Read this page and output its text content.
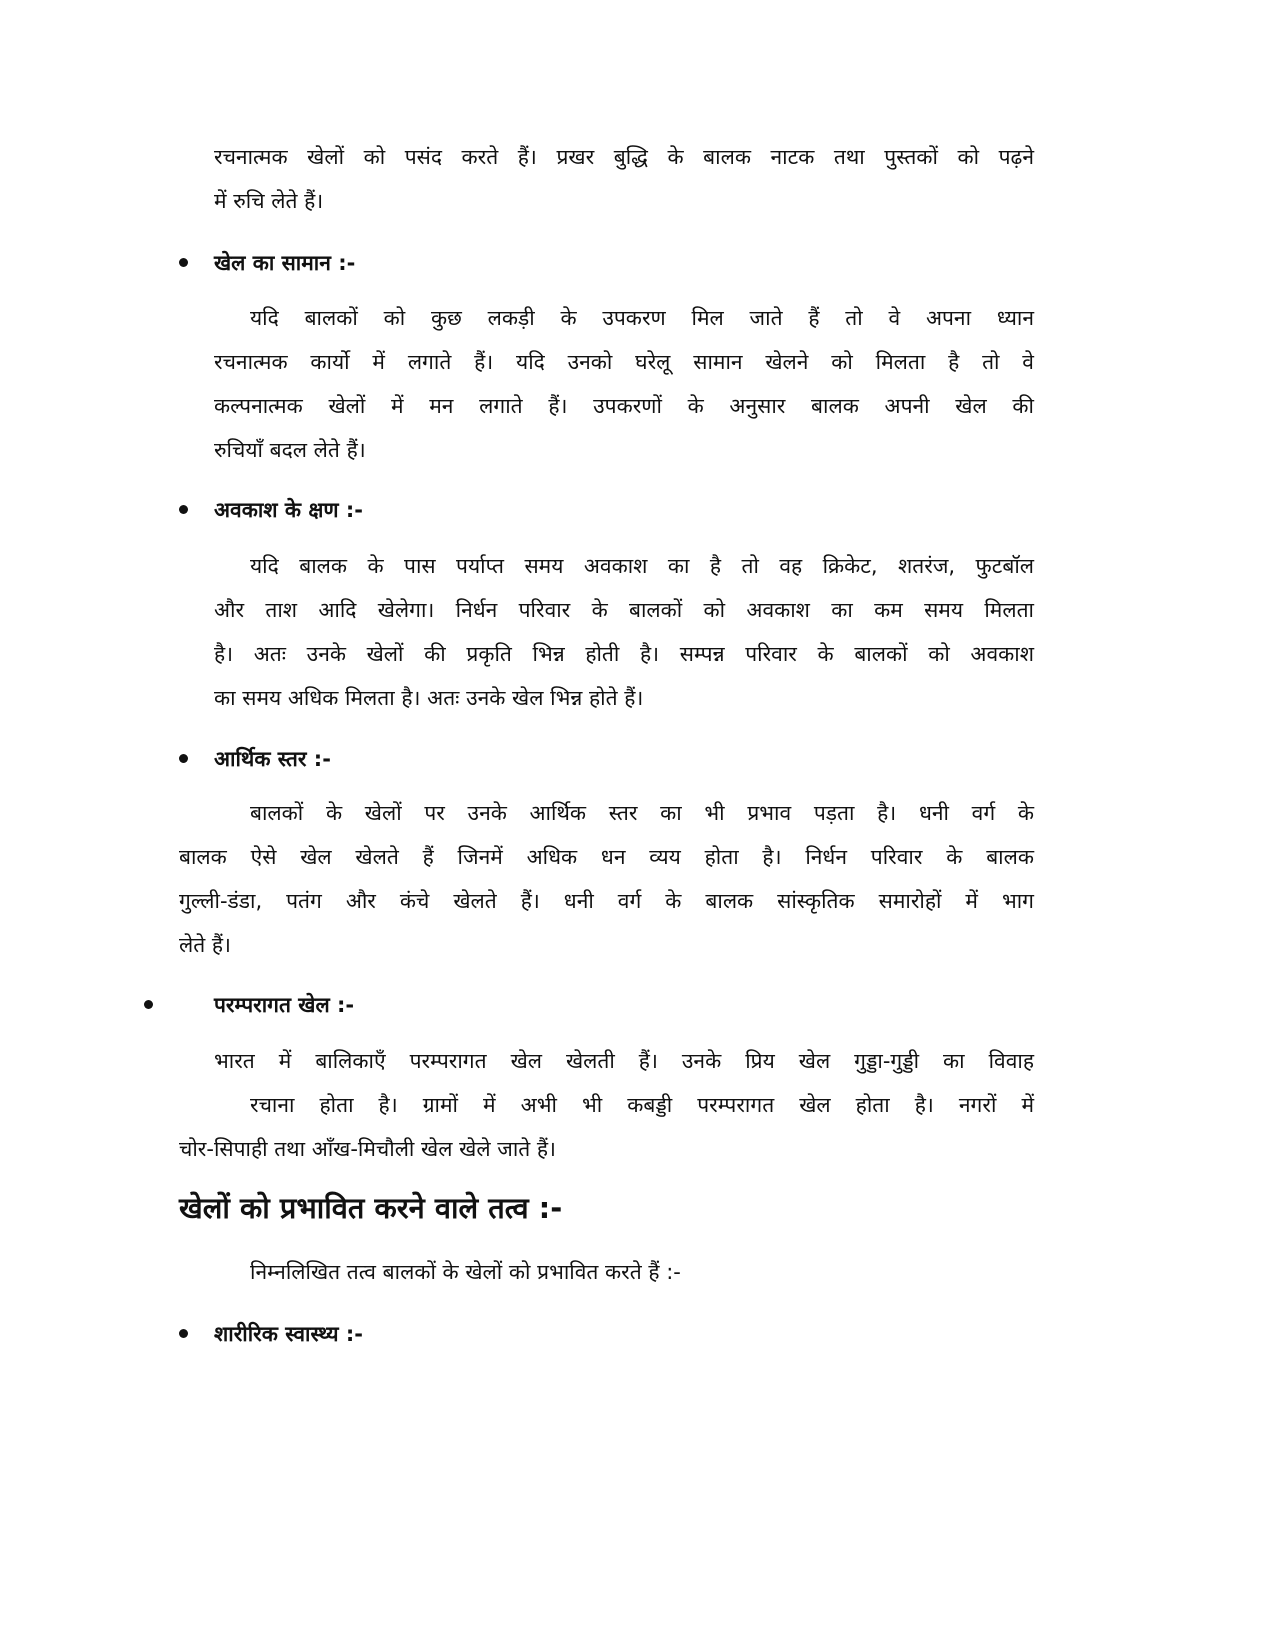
रचनात्मक खेलों को पसंद करते हैं। प्रखर बुद्धि के बालक नाटक तथा पुस्तकों को पढ़ने
में रुचि लेते हैं।
खेल का सामान :-
यदि बालकों को कुछ लकड़ी के उपकरण मिल जाते हैं तो वे अपना ध्यान
रचनात्मक कार्यो में लगाते हैं। यदि उनको घरेलू सामान खेलने को मिलता है तो वे
कल्पनात्मक खेलों में मन लगाते हैं। उपकरणों के अनुसार बालक अपनी खेल की
रुचियाँ बदल लेते हैं।
अवकाश के क्षण :-
यदि बालक के पास पर्याप्त समय अवकाश का है तो वह क्रिकेट, शतरंज, फुटबॉल
और ताश आदि खेलेगा। निर्धन परिवार के बालकों को अवकाश का कम समय मिलता
है। अतः उनके खेलों की प्रकृति भिन्न होती है। सम्पन्न परिवार के बालकों को अवकाश
का समय अधिक मिलता है। अतः उनके खेल भिन्न होते हैं।
आर्थिक स्तर :-
बालकों के खेलों पर उनके आर्थिक स्तर का भी प्रभाव पड़ता है। धनी वर्ग के
बालक ऐसे खेल खेलते हैं जिनमें अधिक धन व्यय होता है। निर्धन परिवार के बालक
गुल्ली-डंडा, पतंग और कंचे खेलते हैं। धनी वर्ग के बालक सांस्कृतिक समारोहों में भाग
लेते हैं।
परम्परागत खेल :-
भारत में बालिकाएँ परम्परागत खेल खेलती हैं। उनके प्रिय खेल गुड्डा-गुड्डी का विवाह
रचाना होता है। ग्रामों में अभी भी कबड्डी परम्परागत खेल होता है। नगरों में
चोर-सिपाही तथा आँख-मिचौली खेल खेले जाते हैं।
खेलों को प्रभावित करने वाले तत्व :-
निम्नलिखित तत्व बालकों के खेलों को प्रभावित करते हैं :-
शारीरिक स्वास्थ्य :-
